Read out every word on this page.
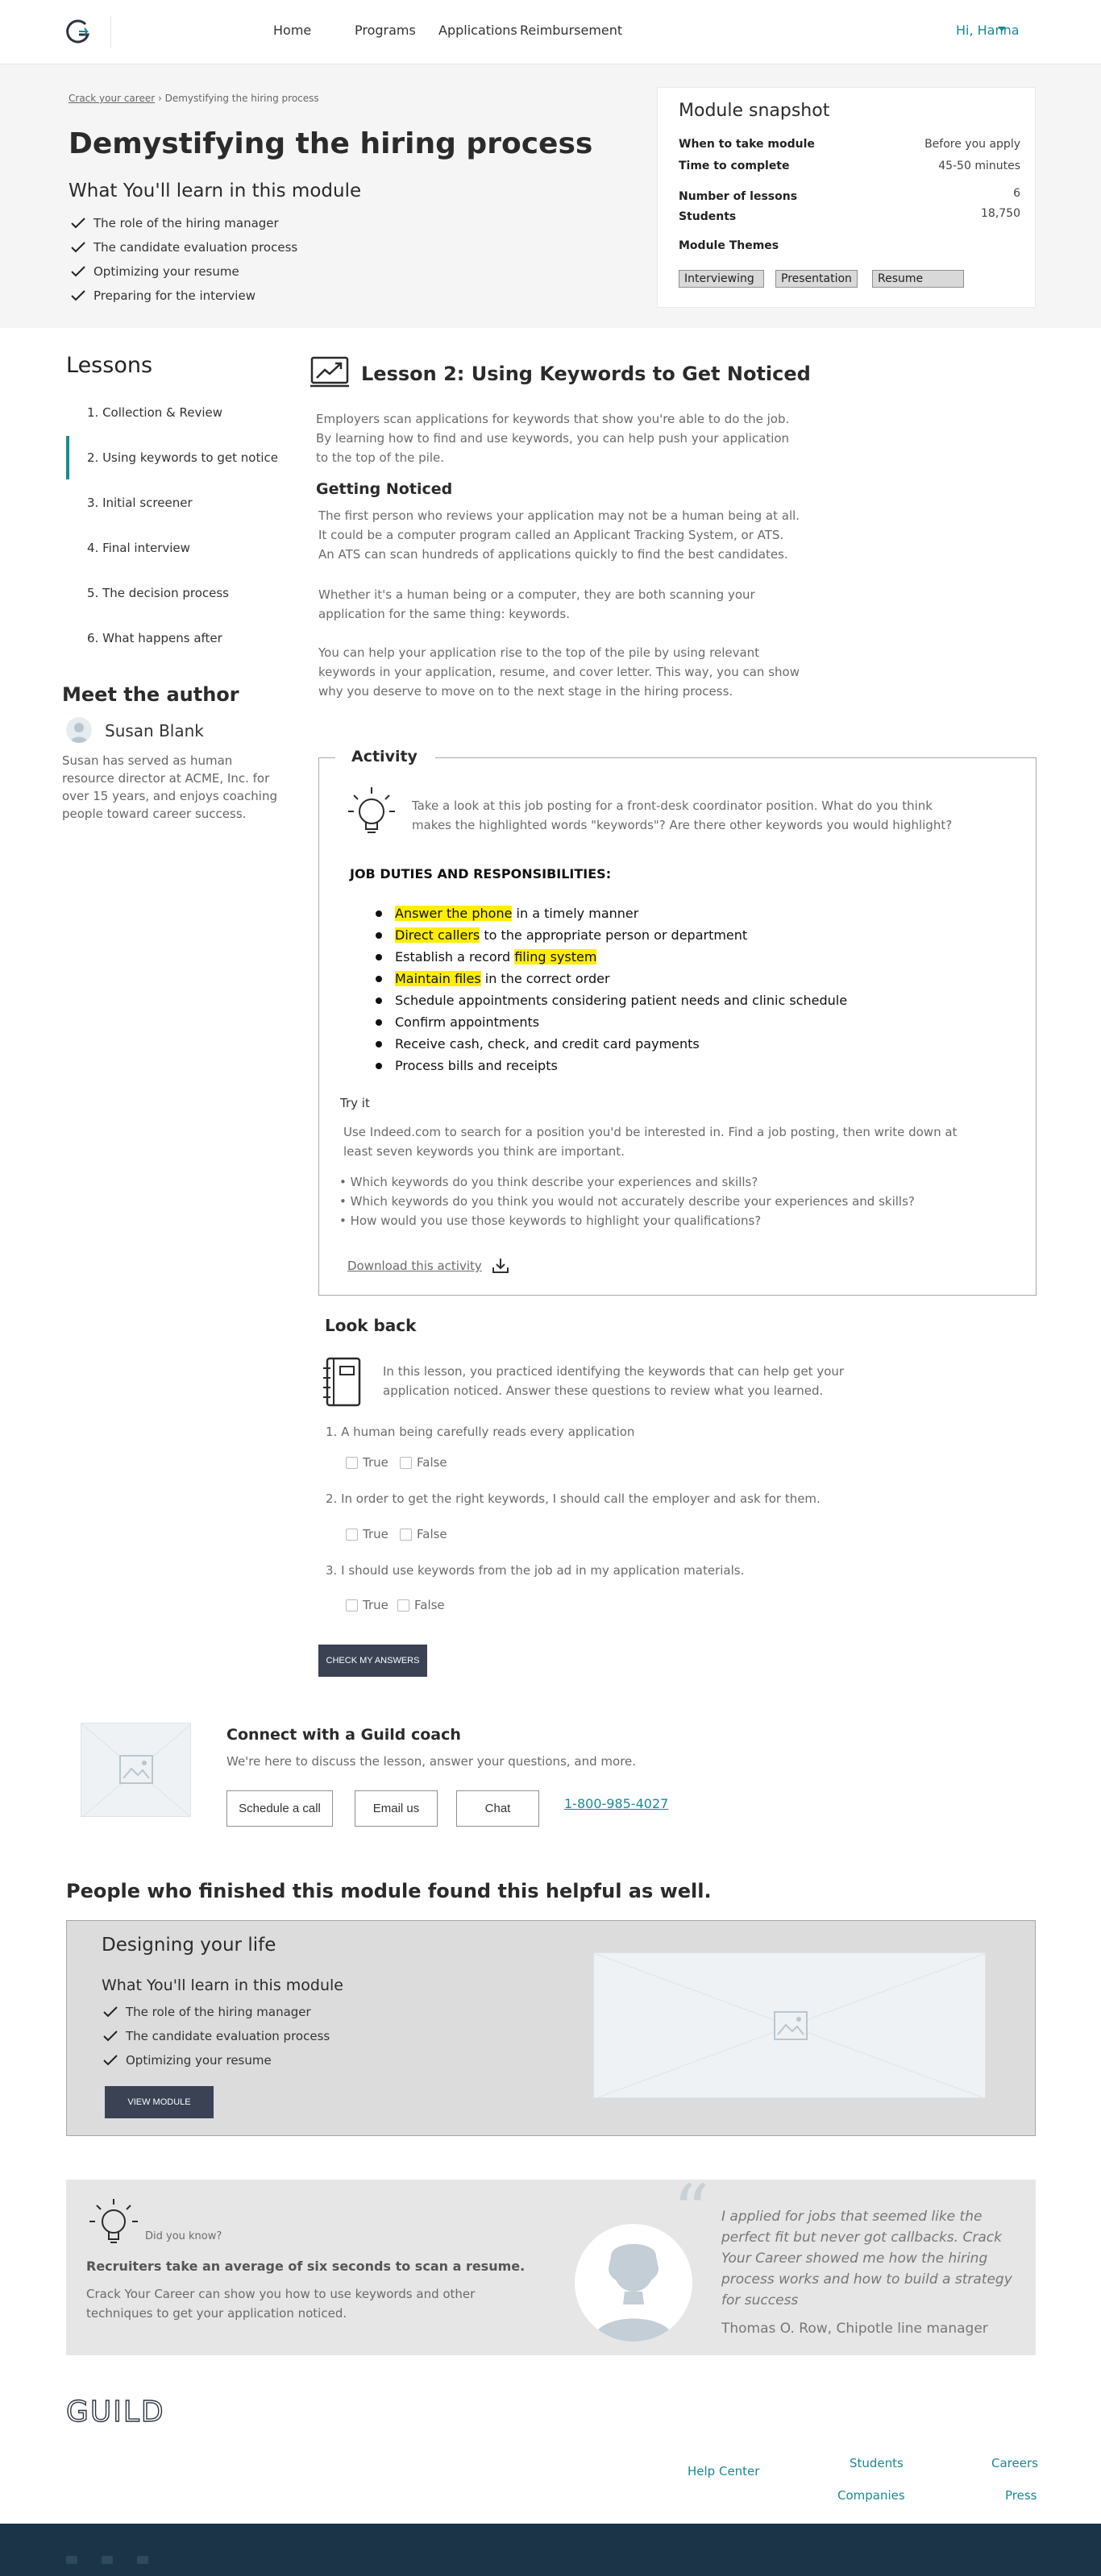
Home	Programs Applications Reimbursement	Hi, Hanna
Crack your career › Demystifying the hiring process
Demystifying the hiring process
What You'll learn in this module
The role of the hiring manager
The candidate evaluation process
Optimizing your resume
Preparing for the interview
Module snapshot
When to take module	Before you apply
Time to complete	45-50 minutes
Number of lessons	6
Students	18,750
Module Themes
Interviewing	Presentation	Resume
Lessons
1. Collection & Review
2. Using keywords to get notice
3. Initial screener
4. Final interview
5. The decision process
6. What happens after
Meet the author
Susan Blank
Susan has served as human resource director at ACME, Inc. for over 15 years, and enjoys coaching people toward career success.
Lesson 2: Using Keywords to Get Noticed
Employers scan applications for keywords that show you're able to do the job. By learning how to find and use keywords, you can help push your application to the top of the pile.
Getting Noticed
The first person who reviews your application may not be a human being at all. It could be a computer program called an Applicant Tracking System, or ATS. An ATS can scan hundreds of applications quickly to find the best candidates.
Whether it's a human being or a computer, they are both scanning your application for the same thing: keywords.
You can help your application rise to the top of the pile by using relevant keywords in your application, resume, and cover letter. This way, you can show why you deserve to move on to the next stage in the hiring process.
Activity
Take a look at this job posting for a front-desk coordinator position. What do you think makes the highlighted words "keywords"? Are there other keywords you would highlight?
JOB DUTIES AND RESPONSIBILITIES:
Answer the phone in a timely manner
Direct callers to the appropriate person or department
Establish a record filing system
Maintain files in the correct order
Schedule appointments considering patient needs and clinic schedule
Confirm appointments
Receive cash, check, and credit card payments
Process bills and receipts
Try it
Use Indeed.com to search for a position you'd be interested in. Find a job posting, then write down at least seven keywords you think are important.
• Which keywords do you think describe your experiences and skills?
• Which keywords do you think you would not accurately describe your experiences and skills?
• How would you use those keywords to highlight your qualifications?
Download this activity
Look back
In this lesson, you practiced identifying the keywords that can help get your application noticed. Answer these questions to review what you learned.
1. A human being carefully reads every application
True False
2. In order to get the right keywords, I should call the employer and ask for them.
True False
3. I should use keywords from the job ad in my application materials.
True False
CHECK MY ANSWERS
Connect with a Guild coach
We're here to discuss the lesson, answer your questions, and more.
Schedule a call	Email us	Chat	1-800-985-4027
People who finished this module found this helpful as well.
Designing your life
What You'll learn in this module
The role of the hiring manager
The candidate evaluation process
Optimizing your resume
VIEW MODULE
Did you know?
Recruiters take an average of six seconds to scan a resume.
Crack Your Career can show you how to use keywords and other techniques to get your application noticed.
“ I applied for jobs that seemed like the perfect fit but never got callbacks. Crack Your Career showed me how the hiring process works and how to build a strategy for success
Thomas O. Row, Chipotle line manager
GUILD
Help Center
Students	Careers
Companies	Press
